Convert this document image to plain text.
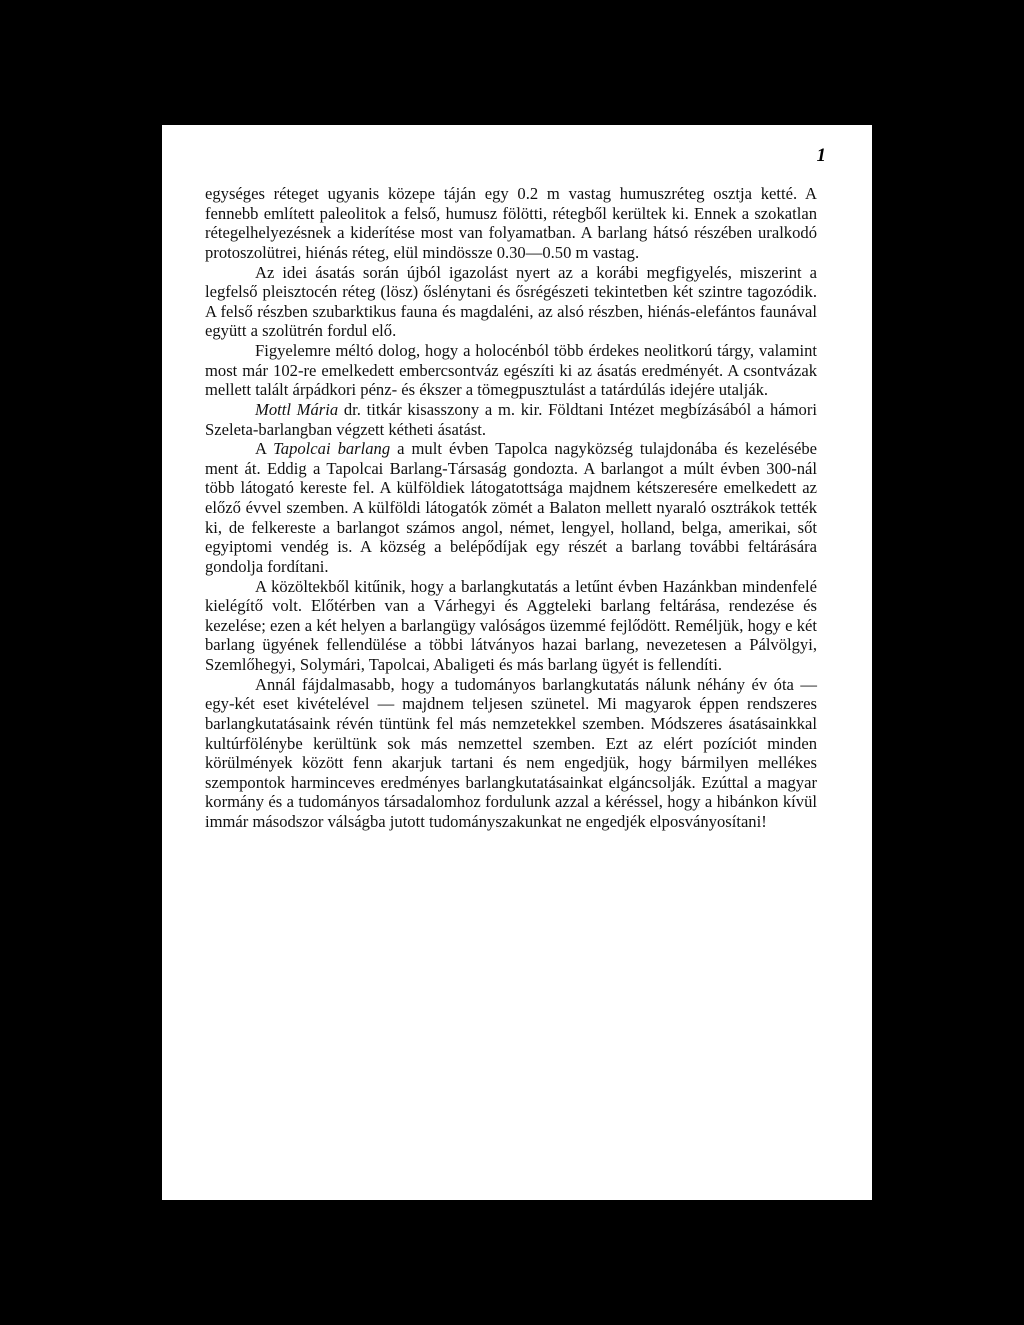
1

egységes réteget ugyanis közepe táján egy 0.2 m vastag humuszréteg osztja ketté. A fennebb említett paleolitok a felső, humusz fölötti, rétegből kerültek ki. Ennek a szokatlan rétegelhelyezésnek a kiderítése most van folyamatban. A barlang hátsó részében uralkodó protoszolütrei, hiénás réteg, elül mindössze 0.30—0.50 m vastag.

Az idei ásatás során újból igazolást nyert az a korábi megfigyelés, miszerint a legfelső pleisztocén réteg (lösz) őslénytani és ősrégészeti tekintetben két szintre tagozódik. A felső részben szubarktikus fauna és magdaléni, az alsó részben, hiénás-elefántos faunával együtt a szolütrén fordul elő.

Figyelemre méltó dolog, hogy a holocénból több érdekes neolitkorú tárgy, valamint most már 102-re emelkedett embercsontváz egészíti ki az ásatás eredményét. A csontvázak mellett talált árpádkori pénz- és ékszer a tömegpusztulást a tatárdúlás idejére utalják.

Mottl Mária dr. titkár kisasszony a m. kir. Földtani Intézet megbízásából a hámori Szeleta-barlangban végzett kétheti ásatást.

A Tapolcai barlang a mult évben Tapolca nagyközség tulajdonába és kezelésébe ment át. Eddig a Tapolcai Barlang-Társaság gondozta. A barlangot a múlt évben 300-nál több látogató kereste fel. A külföldiek látogatottsága majdnem kétszeresére emelkedett az előző évvel szemben. A külföldi látogatók zömét a Balaton mellett nyaraló osztrákok tették ki, de felkereste a barlangot számos angol, német, lengyel, holland, belga, amerikai, sőt egyiptomi vendég is. A község a belépődíjak egy részét a barlang további feltárására gondolja fordítani.

A közöltekből kitűnik, hogy a barlangkutatás a letűnt évben Hazánkban mindenfelé kielégítő volt. Előtérben van a Várhegyi és Aggteleki barlang feltárása, rendezése és kezelése; ezen a két helyen a barlangügy valóságos üzemmé fejlődött. Reméljük, hogy e két barlang ügyének fellendülése a többi látványos hazai barlang, nevezetesen a Pálvölgyi, Szemlőhegyi, Solymári, Tapolcai, Abaligeti és más barlang ügyét is fellendíti.

Annál fájdalmasabb, hogy a tudományos barlangkutatás nálunk néhány év óta — egy-két eset kivételével — majdnem teljesen szünetel. Mi magyarok éppen rendszeres barlangkutatásaink révén tüntünk fel más nemzetekkel szemben. Módszeres ásatásainkkal kultúrfölénybe kerültünk sok más nemzettel szemben. Ezt az elért pozíciót minden körülmények között fenn akarjuk tartani és nem engedjük, hogy bármilyen mellékes szempontok harminceves eredményes barlangkutatásainkat elgáncsolják. Ezúttal a magyar kormány és a tudományos társadalomhoz fordulunk azzal a kéréssel, hogy a hibánkon kívül immár másodszor válságba jutott tudományszakunkat ne engedjék elposványosítani!
